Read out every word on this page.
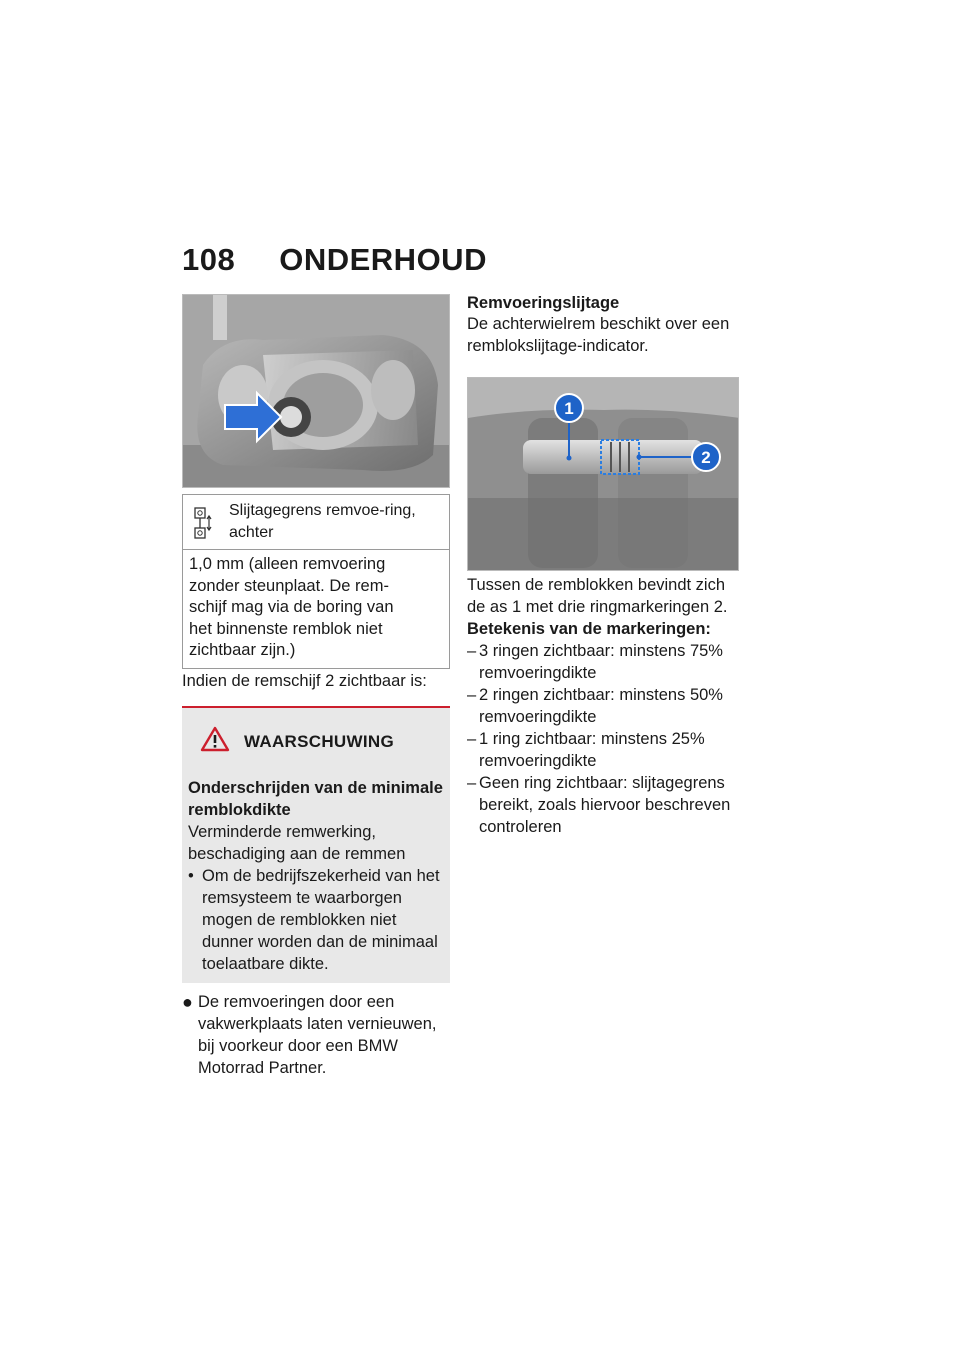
108 ONDERHOUD
Slijtagegrens remvoe-ring, achter
1,0 mm (alleen remvoering
zonder steunplaat. De rem-
schijf mag via de boring van
het binnenste remblok niet
zichtbaar zijn.)

Indien de remschijf 2 zichtbaar is:

WAARSCHUWING
Onderschrijden van de minimale remblokdikte
Verminderde remwerking, beschadiging aan de remmen
• Om de bedrijfszekerheid van het remsysteem te waarborgen mogen de remblokken niet dunner worden dan de minimaal toelaatbare dikte.
● De remvoeringen door een vakwerkplaats laten vernieuwen, bij voorkeur door een BMW Motorrad Partner.
Remvoeringslijtage

De achterwielrem beschikt over een remblokslijtage-indicator.

1
2

Tussen de remblokken bevindt zich de as 1 met drie ringmarkeringen 2.

Betekenis van de markeringen:
– 3 ringen zichtbaar: minstens 75% remvoeringdikte
– 2 ringen zichtbaar: minstens 50% remvoeringdikte
– 1 ring zichtbaar: minstens 25% remvoeringdikte
– Geen ring zichtbaar: slijtagegrens bereikt, zoals hiervoor beschreven controleren
